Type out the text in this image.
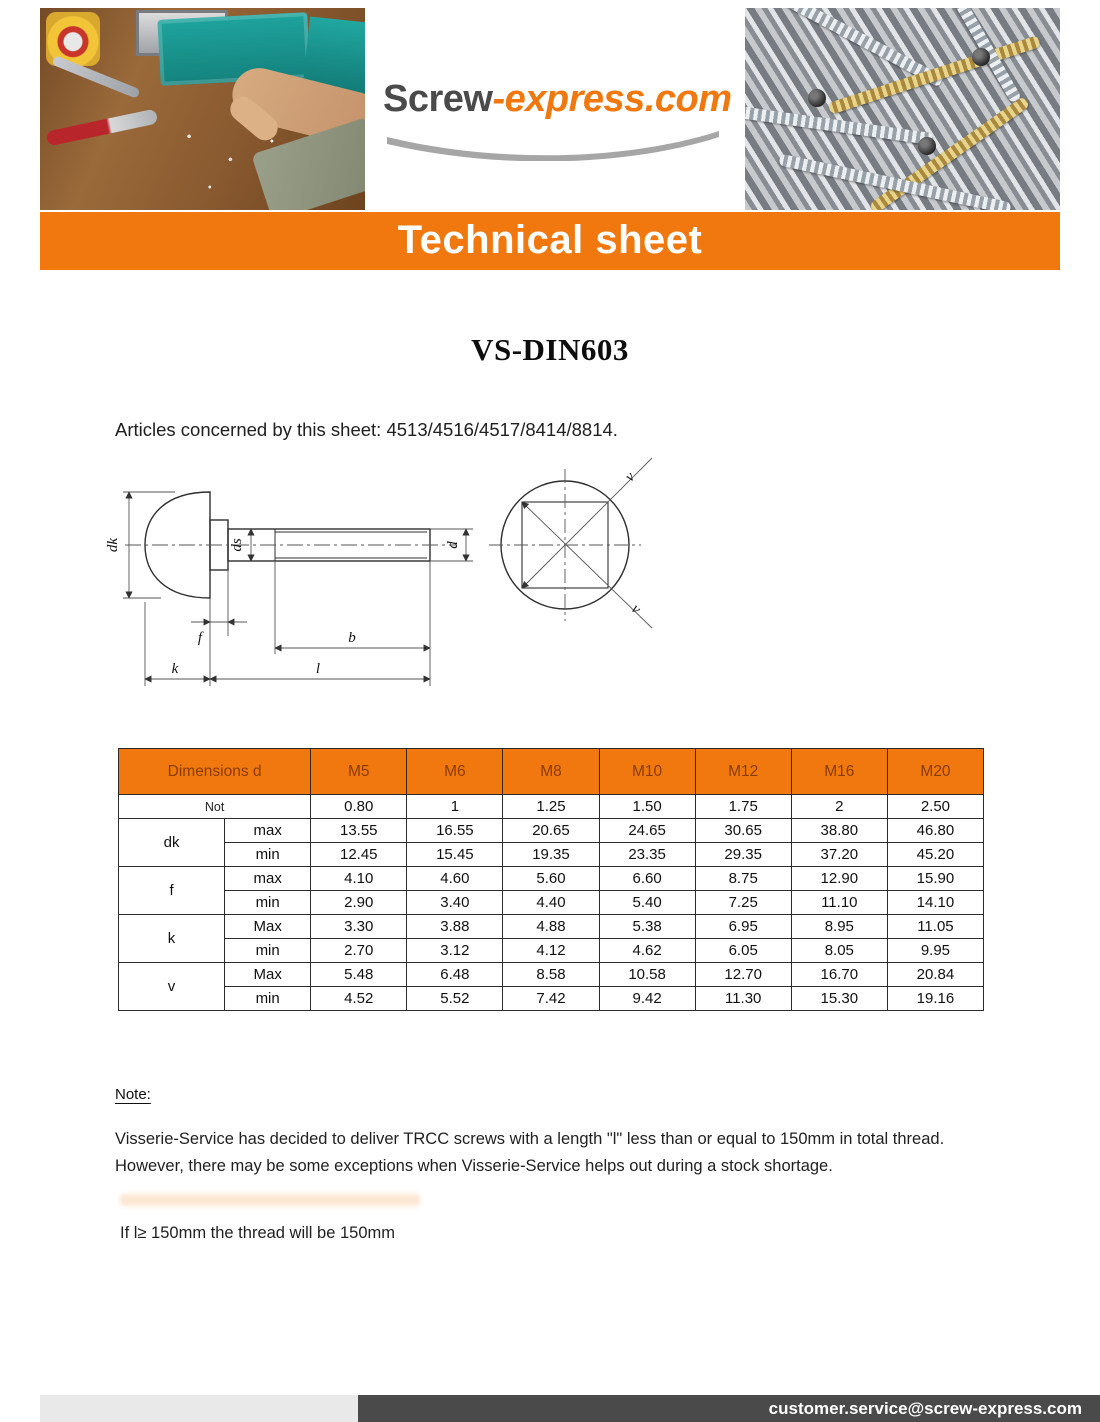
Screw-express.com
Technical sheet
VS-DIN603
Articles concerned by this sheet: 4513/4516/4517/8414/8814.
dk	ds	d
f	b
k	l
v
v
Dimensions d		M5	M6	M8	M10	M12	M16	M20
Not		0.80	1	1.25	1.50	1.75	2	2.50
dk	max	13.55	16.55	20.65	24.65	30.65	38.80	46.80
	min	12.45	15.45	19.35	23.35	29.35	37.20	45.20
f	max	4.10	4.60	5.60	6.60	8.75	12.90	15.90
	min	2.90	3.40	4.40	5.40	7.25	11.10	14.10
k	Max	3.30	3.88	4.88	5.38	6.95	8.95	11.05
	min	2.70	3.12	4.12	4.62	6.05	8.05	9.95
v	Max	5.48	6.48	8.58	10.58	12.70	16.70	20.84
	min	4.52	5.52	7.42	9.42	11.30	15.30	19.16
Note:
Visserie-Service has decided to deliver TRCC screws with a length "l" less than or equal to 150mm in total thread. However, there may be some exceptions when Visserie-Service helps out during a stock shortage.
If l≥ 150mm the thread will be 150mm
customer.service@screw-express.com
